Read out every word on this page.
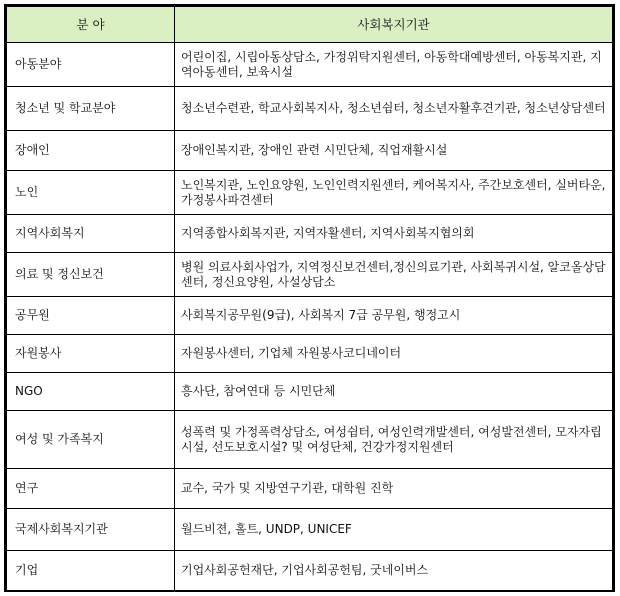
분 야	사회복지기관
아동분야	어린이집, 시립아동상담소, 가정위탁지원센터, 아동학대예방센터, 아동복지관, 지역아동센터, 보육시설
청소년 및 학교분야	청소년수련관, 학교사회복지사, 청소년쉼터, 청소년자활후견기관, 청소년상담센터
장애인	장애인복지관, 장애인 관련 시민단체, 직업재활시설
노인	노인복지관, 노인요양원, 노인인력지원센터, 케어복지사, 주간보호센터, 실버타운, 가정봉사파견센터
지역사회복지	지역종합사회복지관, 지역자활센터, 지역사회복지협의회
의료 및 정신보건	병원 의료사회사업가, 지역정신보건센터,정신의료기관, 사회복귀시설, 알코올상담센터, 정신요양원, 사설상담소
공무원	사회복지공무원(9급), 사회복지 7급 공무원, 행정고시
자원봉사	자원봉사센터, 기업체 자원봉사코디네이터
NGO	흥사단, 참여연대 등 시민단체
여성 및 가족복지	성폭력 및 가정폭력상담소, 여성쉼터, 여성인력개발센터, 여성발전센터, 모자자립시설, 선도보호시설? 및 여성단체, 건강가정지원센터
연구	교수, 국가 및 지방연구기관, 대학원 진학
국제사회복지기관	월드비젼, 홀트, UNDP, UNICEF
기업	기업사회공헌재단, 기업사회공헌팀, 굿네이버스
